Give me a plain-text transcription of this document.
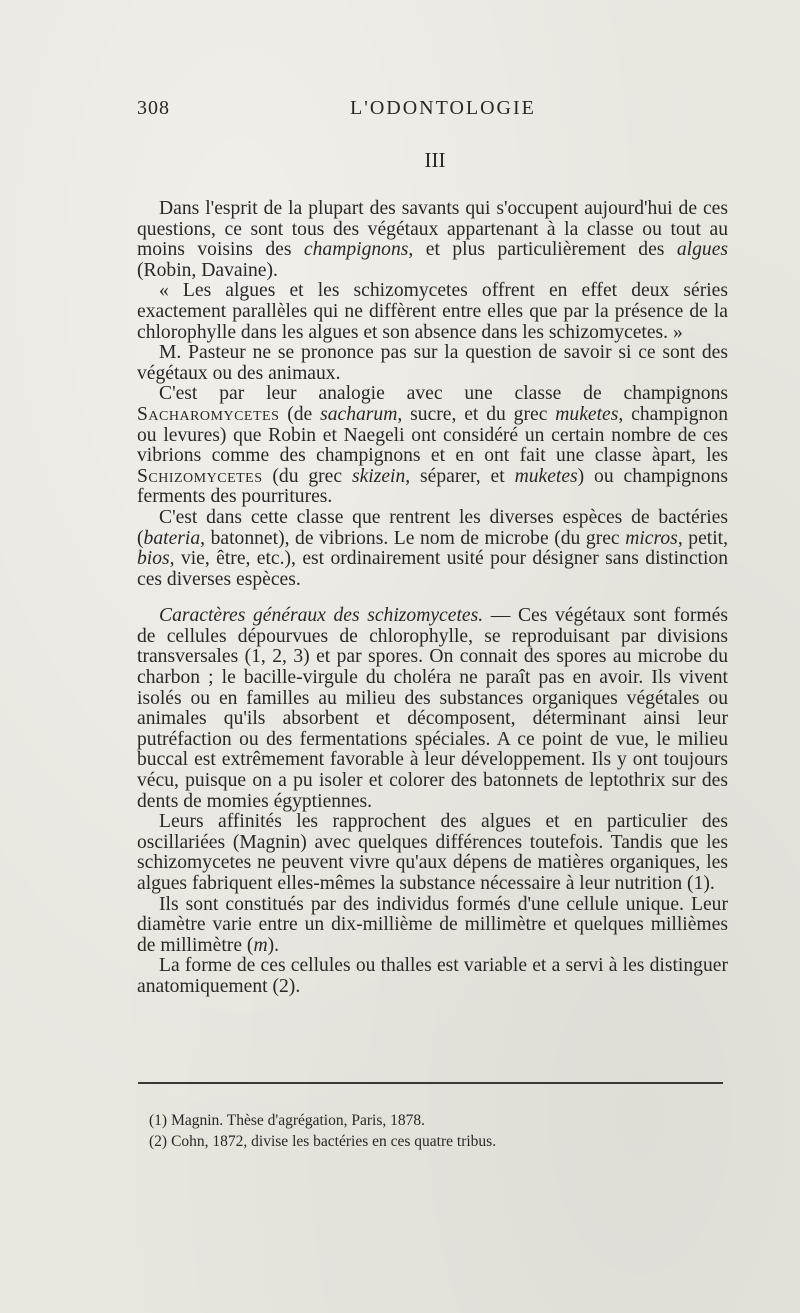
308	L'ODONTOLOGIE
III

Dans l'esprit de la plupart des savants qui s'occupent aujourd'hui de ces questions, ce sont tous des végétaux appartenant à la classe ou tout au moins voisins des champignons, et plus particulièrement des algues (Robin, Davaine).

« Les algues et les schizomycetes offrent en effet deux séries exactement parallèles qui ne diffèrent entre elles que par la présence de la chlorophylle dans les algues et son absence dans les schizomycetes. »

M. Pasteur ne se prononce pas sur la question de savoir si ce sont des végétaux ou des animaux.

C'est par leur analogie avec une classe de champignons Sacharomycetes (de sacharum, sucre, et du grec muketes, champignon ou levures) que Robin et Naegeli ont considéré un certain nombre de ces vibrions comme des champignons et en ont fait une classe àpart, les Schizomycetes (du grec skizein, séparer, et muketes) ou champignons ferments des pourritures.

C'est dans cette classe que rentrent les diverses espèces de bactéries (bateria, batonnet), de vibrions. Le nom de microbe (du grec micros, petit, bios, vie, être, etc.), est ordinairement usité pour désigner sans distinction ces diverses espèces.

Caractères généraux des schizomycetes. — Ces végétaux sont formés de cellules dépourvues de chlorophylle, se reproduisant par divisions transversales (1, 2, 3) et par spores. On connait des spores au microbe du charbon ; le bacille-virgule du choléra ne paraît pas en avoir. Ils vivent isolés ou en familles au milieu des substances organiques végétales ou animales qu'ils absorbent et décomposent, déterminant ainsi leur putréfaction ou des fermentations spéciales. A ce point de vue, le milieu buccal est extrêmement favorable à leur développement. Ils y ont toujours vécu, puisque on a pu isoler et colorer des batonnets de leptothrix sur des dents de momies égyptiennes.

Leurs affinités les rapprochent des algues et en particulier des oscillariées (Magnin) avec quelques différences toutefois. Tandis que les schizomycetes ne peuvent vivre qu'aux dépens de matières organiques, les algues fabriquent elles-mêmes la substance nécessaire à leur nutrition (1).

Ils sont constitués par des individus formés d'une cellule unique. Leur diamètre varie entre un dix-millième de millimètre et quelques millièmes de millimètre (m).

La forme de ces cellules ou thalles est variable et a servi à les distinguer anatomiquement (2).

(1) Magnin. Thèse d'agrégation, Paris, 1878.

(2) Cohn, 1872, divise les bactéries en ces quatre tribus.
